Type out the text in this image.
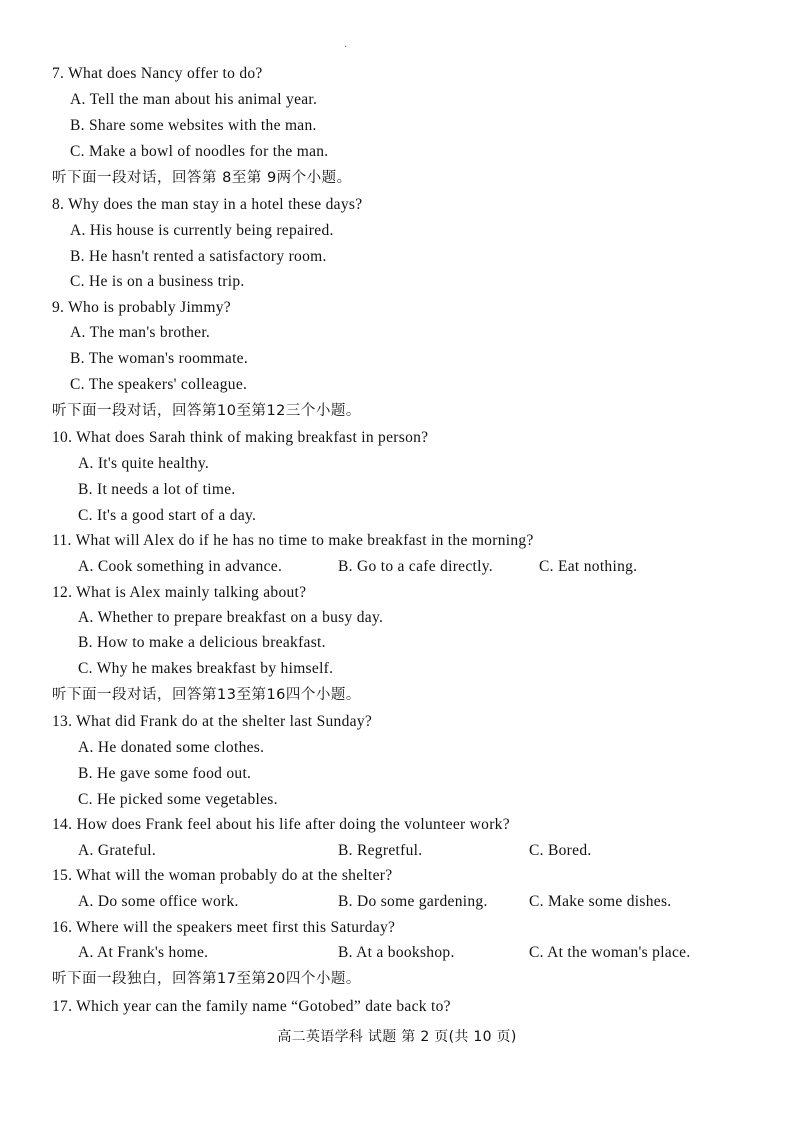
·
7. What does Nancy offer to do?
A. Tell the man about his animal year.
B. Share some websites with the man.
C. Make a bowl of noodles for the man.
听下面一段对话，回答第 8至第 9两个小题。
8. Why does the man stay in a hotel these days?
A. His house is currently being repaired.
B. He hasn't rented a satisfactory room.
C. He is on a business trip.
9. Who is probably Jimmy?
A. The man's brother.
B. The woman's roommate.
C. The speakers' colleague.
听下面一段对话，回答第10至第12三个小题。
10. What does Sarah think of making breakfast in person?
A. It's quite healthy.
B. It needs a lot of time.
C. It's a good start of a day.
11. What will Alex do if he has no time to make breakfast in the morning?
A. Cook something in advance.	B. Go to a cafe directly.	C. Eat nothing.
12. What is Alex mainly talking about?
A. Whether to prepare breakfast on a busy day.
B. How to make a delicious breakfast.
C. Why he makes breakfast by himself.
听下面一段对话，回答第13至第16四个小题。
13. What did Frank do at the shelter last Sunday?
A. He donated some clothes.
B. He gave some food out.
C. He picked some vegetables.
14. How does Frank feel about his life after doing the volunteer work?
A. Grateful.	B. Regretful.	C. Bored.
15. What will the woman probably do at the shelter?
A. Do some office work.	B. Do some gardening.	C. Make some dishes.
16. Where will the speakers meet first this Saturday?
A. At Frank's home.	B. At a bookshop.	C. At the woman's place.
听下面一段独白，回答第17至第20四个小题。
17. Which year can the family name “Gotobed” date back to?
高二英语学科 试题 第 2 页(共 10 页)
